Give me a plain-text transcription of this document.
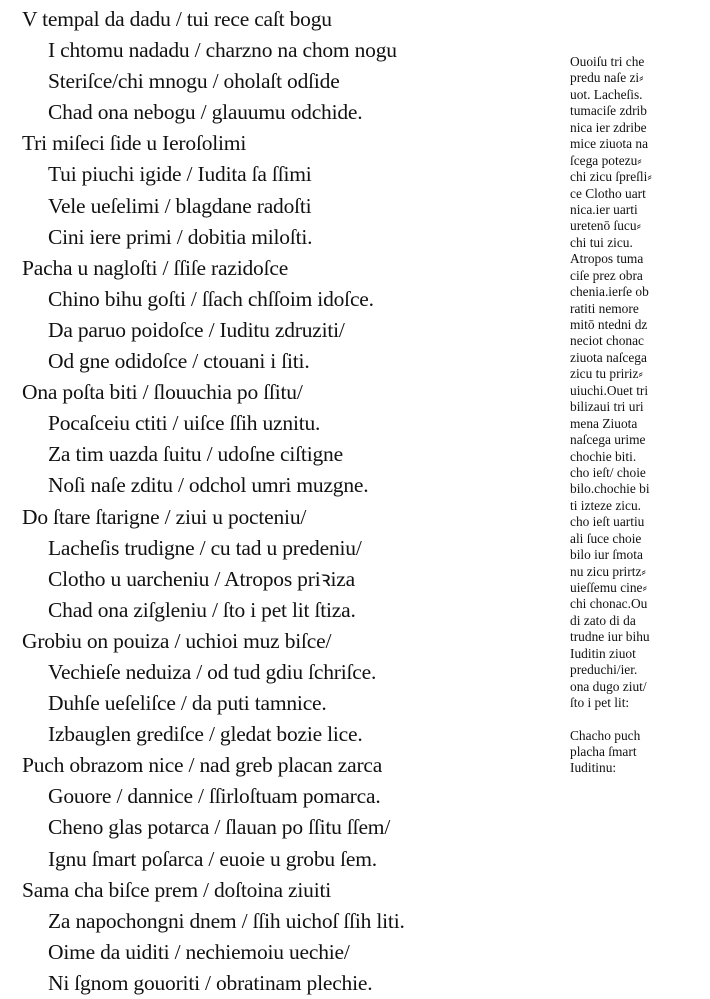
V tempal da dadu / tui rece caſt bogu
I chtomu nadadu / charzno na chom nogu
Steriſce/chi mnogu / oholaſt odſide
Chad ona nebogu / glauumu odchide.
Tri miſeci ſide u Ieroſolimi
Tui piuchi igide / Iudita ſa ſſimi
Vele ueſelimi / blagdane radoſti
Cini iere primi / dobitia miloſti.
Pacha u nagloſti / ſſiſe razidoſce
Chino bihu goſti / ſſach chſſoim idoſce.
Da paruo poidoſce / Iuditu zdruziti/
Od gne odidoſce / ctouani i ſiti.
Ona poſta biti / ſlouuchia po ſſitu/
Pocaſceiu ctiti / uiſce ſſih uznitu.
Za tim uazda ſuitu / udoſne ciſtigne
Noſi naſe zditu / odchol umri muzgne.
Do ſtare ſtarigne / ziui u pocteniu/
Lacheſis trudigne / cu tad u predeniu/
Clotho u uarcheniu / Atropos priꝛiza
Chad ona ziſgleniu / ſto i pet lit ſtiza.
Grobiu on pouiza / uchioi muz biſce/
Vechieſe neduiza / od tud gdiu ſchriſce.
Duhſe ueſeliſce / da puti tamnice.
Izbauglen grediſce / gledat bozie lice.
Puch obrazom nice / nad greb placan zarca
Gouore / dannice / ſſirloſtuam pomarca.
Cheno glas potarca / ſlauan po ſſitu ſſem/
Ignu ſmart poſarca / euoie u grobu ſem.
Sama cha biſce prem / doſtoina ziuiti
Za napochongni dnem / ſſih uichoſ ſſih liti.
Oime da uiditi / nechiemoiu uechie/
Ni ſgnom gouoriti / obratinam plechie.
Ouoiſu tri che
predu naſe zi⸗
uot. Lacheſis.
tumaciſe zdrib
nica ier zdribe
mice ziuota na
ſcega potezu⸗
chi zicu ſpreſli⸗
ce Clotho uart
nica.ier uarti
uretenō ſucu⸗
chi tui zicu.
Atropos tuma
ciſe prez obra
chenia.ierſe ob
ratiti nemore
mitō ntedni dz
neciot chonac
ziuota naſcega
zicu tu pririz⸗
uiuchi.Ouet tri
bilizaui tri uri
mena Ziuota
naſcega urime
chochie biti.
cho ieſt/ choie
bilo.chochie bi
ti izteze zicu.
cho ieſt uartiu
ali ſuce choie
bilo iur ſmota
nu zicu prirtz⸗
uieſſemu cine⸗
chi chonac.Ou
di zato di da
trudne iur bihu
Iuditin ziuot
preduchi/ier.
ona dugo ziut/
ſto i pet lit:
Chacho puch
placha ſmart
Iuditinu:
